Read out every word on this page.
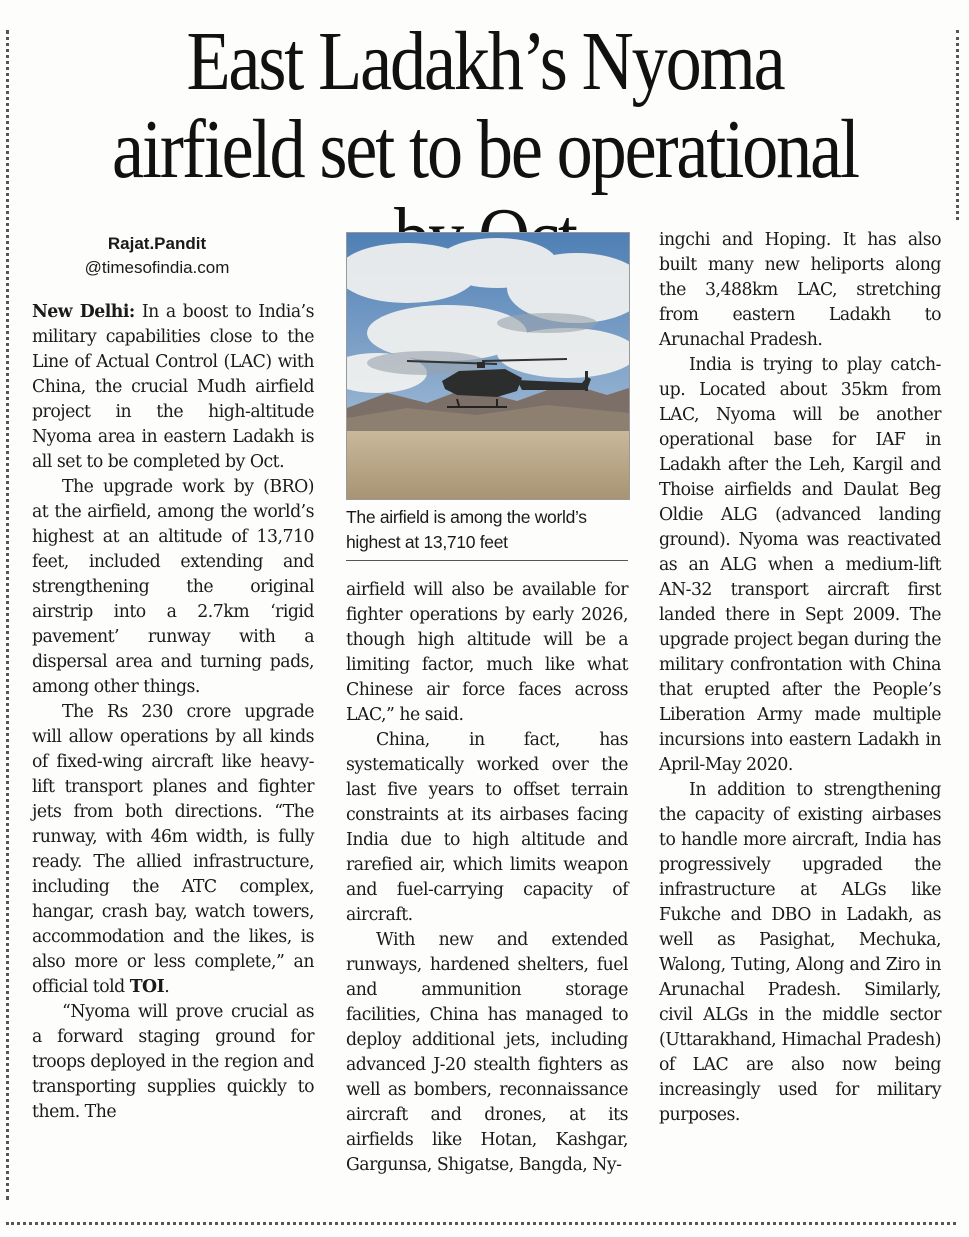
East Ladakh’s Nyoma airfield set to be operational
Rajat.Pandit
@timesofindia.com
The airfield is among the world’s highest at 13,710 feet

New Delhi: In a boost to India’s military capabilities close to the Line of Actual Control (LAC) with China, the crucial Mudh airfield project in the high-altitude Nyoma area in eastern Ladakh is all set to be completed by Oct.

The upgrade work by (BRO) at the airfield, among the world’s highest at an altitude of 13,710 feet, included extending and strengthening the original airstrip into a 2.7km ‘rigid pavement’ runway with a dispersal area and turning pads, among other things.

The Rs 230 crore upgrade will allow operations by all kinds of fixed-wing aircraft like heavy-lift transport planes and fighter jets from both directions. “The runway, with 46m width, is fully ready. The allied infrastructure, including the ATC complex, hangar, crash bay, watch towers, accommodation and the likes, is also more or less complete,” an official told TOI.

“Nyoma will prove crucial as a forward staging ground for troops deployed in the region and transporting supplies quickly to them. The

airfield will also be available for fighter operations by early 2026, though high altitude will be a limiting factor, much like what Chinese air force faces across LAC,” he said.

China, in fact, has systematically worked over the last five years to offset terrain constraints at its airbases facing India due to high altitude and rarefied air, which limits weapon and fuel-carrying capacity of aircraft.

With new and extended runways, hardened shelters, fuel and ammunition storage facilities, China has managed to deploy additional jets, including advanced J-20 stealth fighters as well as bombers, reconnaissance aircraft and drones, at its airfields like Hotan, Kashgar, Gargunsa, Shigatse, Bangda, Ny-

ingchi and Hoping. It has also built many new heliports along the 3,488km LAC, stretching from eastern Ladakh to Arunachal Pradesh.

India is trying to play catch-up. Located about 35km from LAC, Nyoma will be another operational base for IAF in Ladakh after the Leh, Kargil and Thoise airfields and Daulat Beg Oldie ALG (advanced landing ground). Nyoma was reactivated as an ALG when a medium-lift AN-32 transport aircraft first landed there in Sept 2009. The upgrade project began during the military confrontation with China that erupted after the People’s Liberation Army made multiple incursions into eastern Ladakh in April-May 2020.

In addition to strengthening the capacity of existing airbases to handle more aircraft, India has progressively upgraded the infrastructure at ALGs like Fukche and DBO in Ladakh, as well as Pasighat, Mechuka, Walong, Tuting, Along and Ziro in Arunachal Pradesh. Similarly, civil ALGs in the middle sector (Uttarakhand, Himachal Pradesh) of LAC are also now being increasingly used for military purposes.
